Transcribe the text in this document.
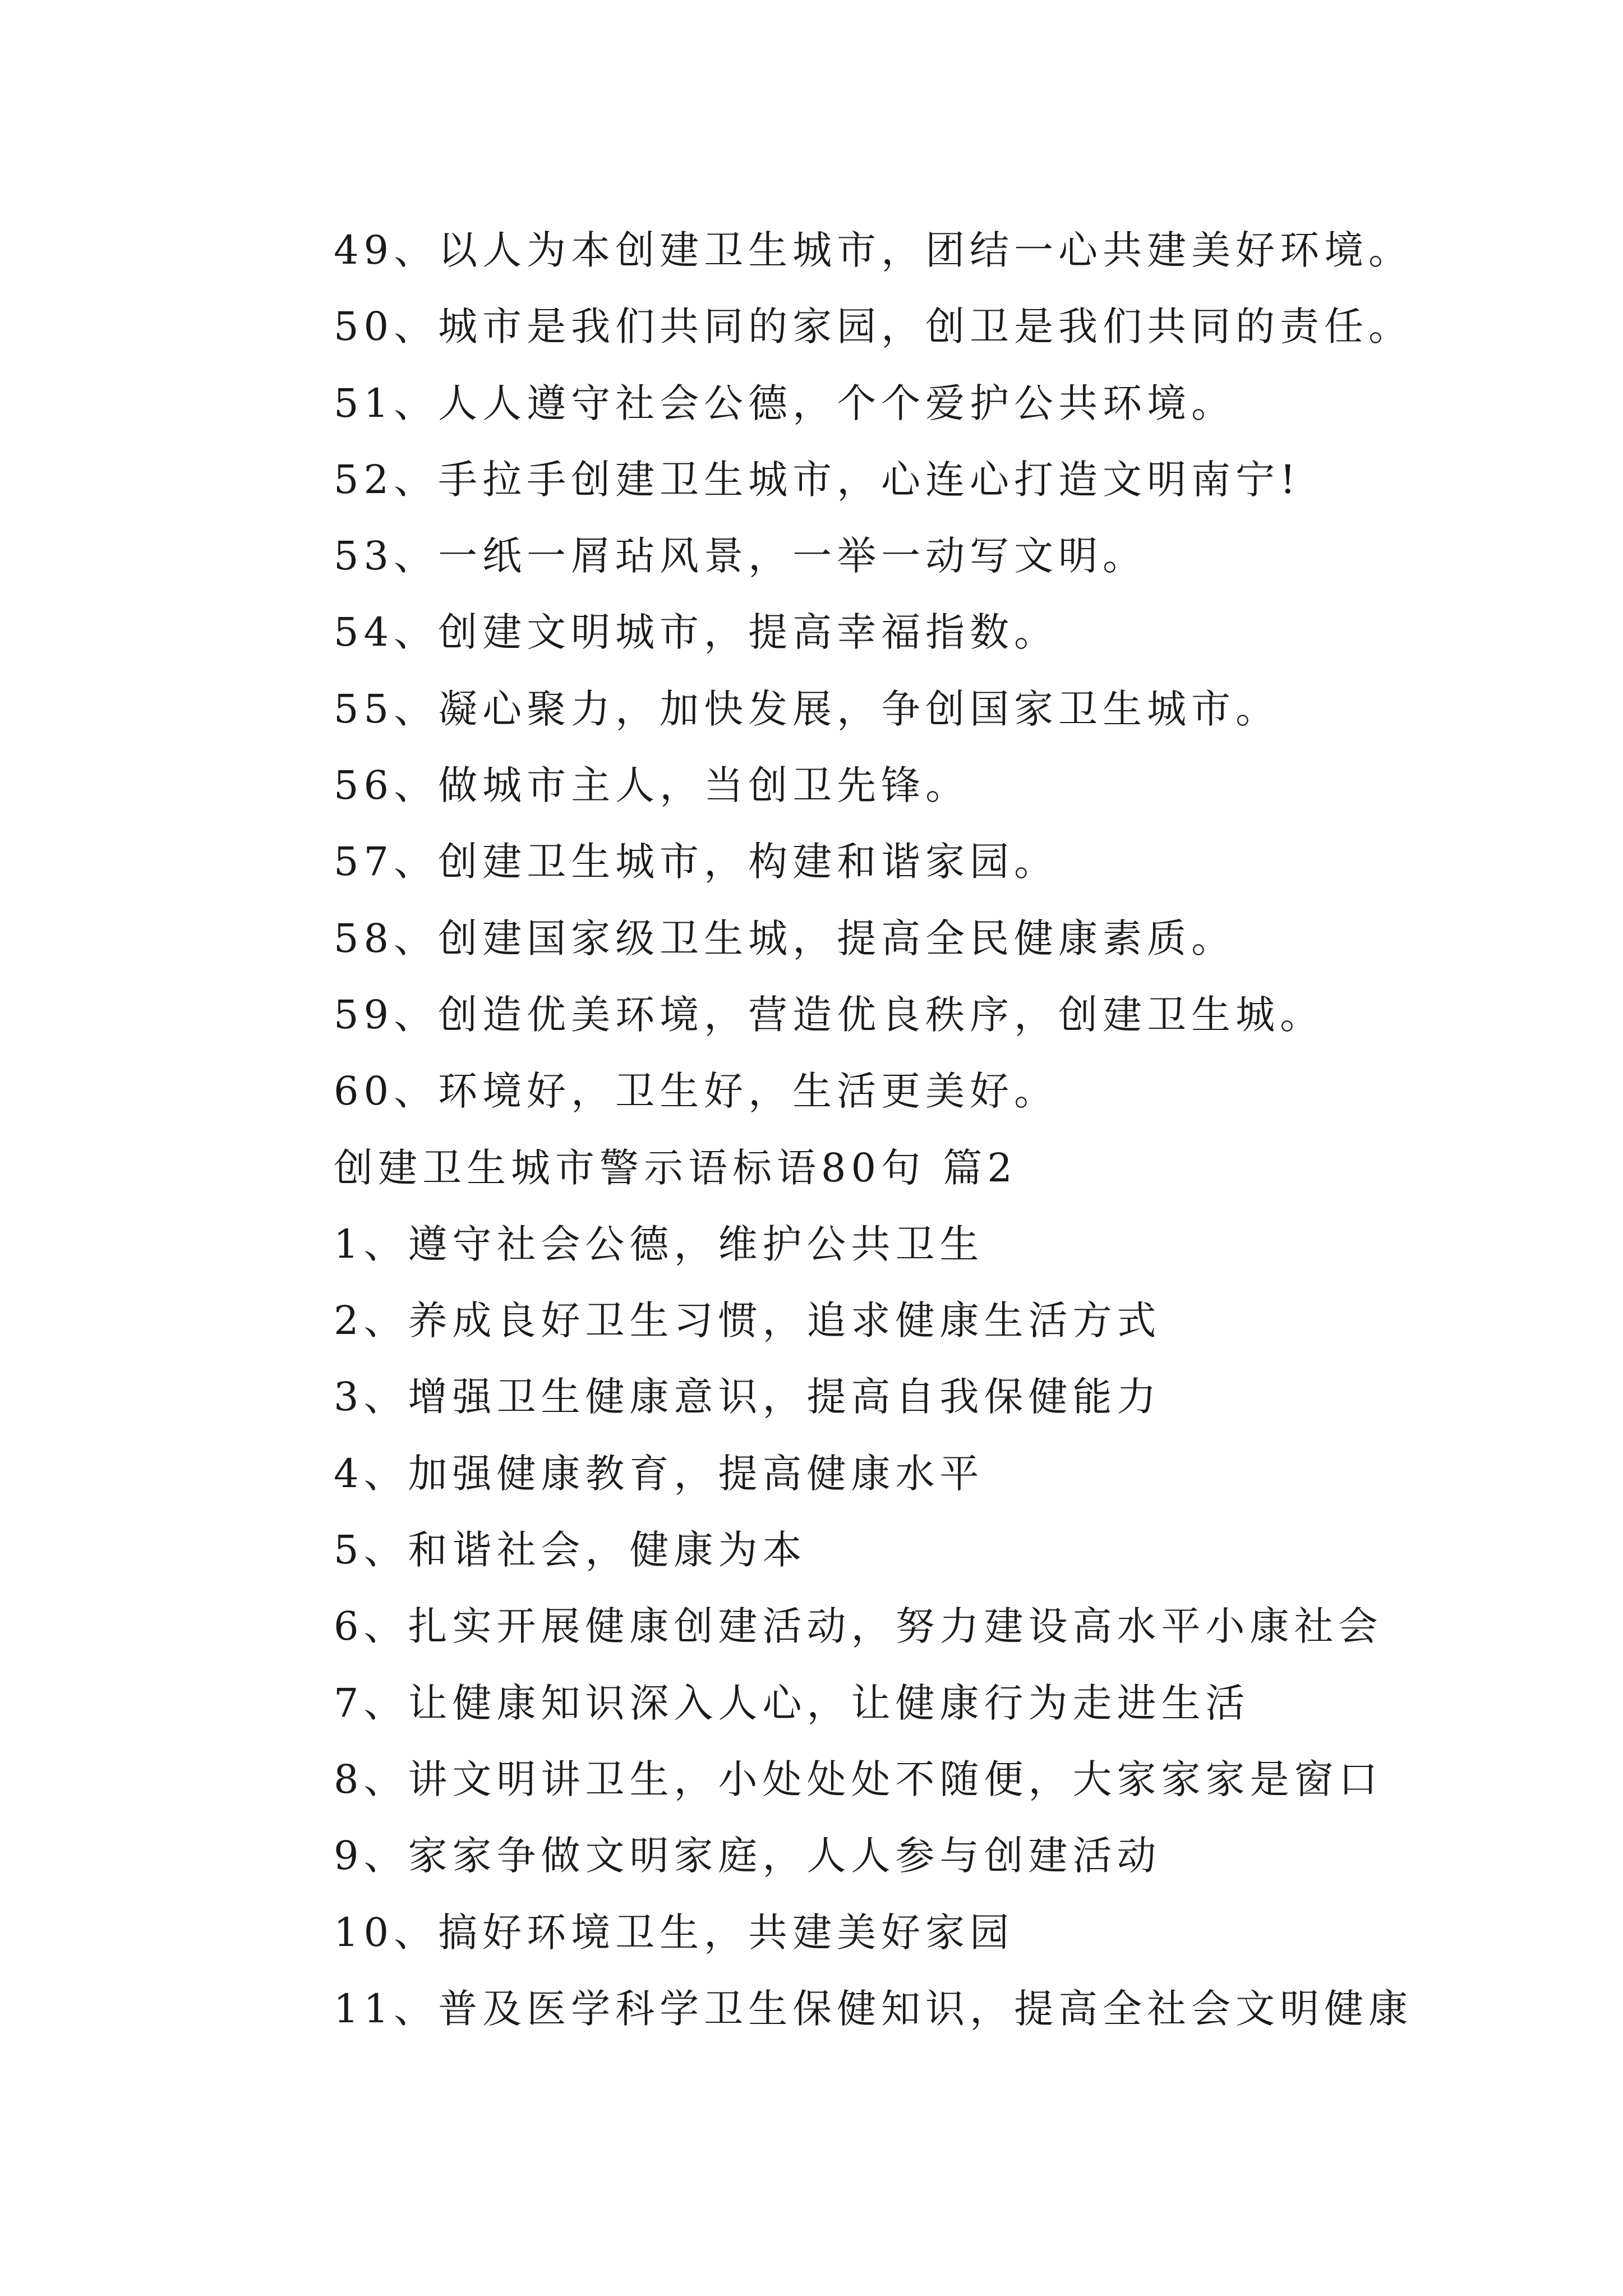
49、以人为本创建卫生城市，团结一心共建美好环境。
50、城市是我们共同的家园，创卫是我们共同的责任。
51、人人遵守社会公德，个个爱护公共环境。
52、手拉手创建卫生城市，心连心打造文明南宁!
53、一纸一屑玷风景，一举一动写文明。
54、创建文明城市，提高幸福指数。
55、凝心聚力，加快发展，争创国家卫生城市。
56、做城市主人，当创卫先锋。
57、创建卫生城市，构建和谐家园。
58、创建国家级卫生城，提高全民健康素质。
59、创造优美环境，营造优良秩序，创建卫生城。
60、环境好，卫生好，生活更美好。
创建卫生城市警示语标语80句 篇2
1、遵守社会公德，维护公共卫生
2、养成良好卫生习惯，追求健康生活方式
3、增强卫生健康意识，提高自我保健能力
4、加强健康教育，提高健康水平
5、和谐社会，健康为本
6、扎实开展健康创建活动，努力建设高水平小康社会
7、让健康知识深入人心，让健康行为走进生活
8、讲文明讲卫生，小处处处不随便，大家家家是窗口
9、家家争做文明家庭，人人参与创建活动
10、搞好环境卫生，共建美好家园
11、普及医学科学卫生保健知识，提高全社会文明健康
